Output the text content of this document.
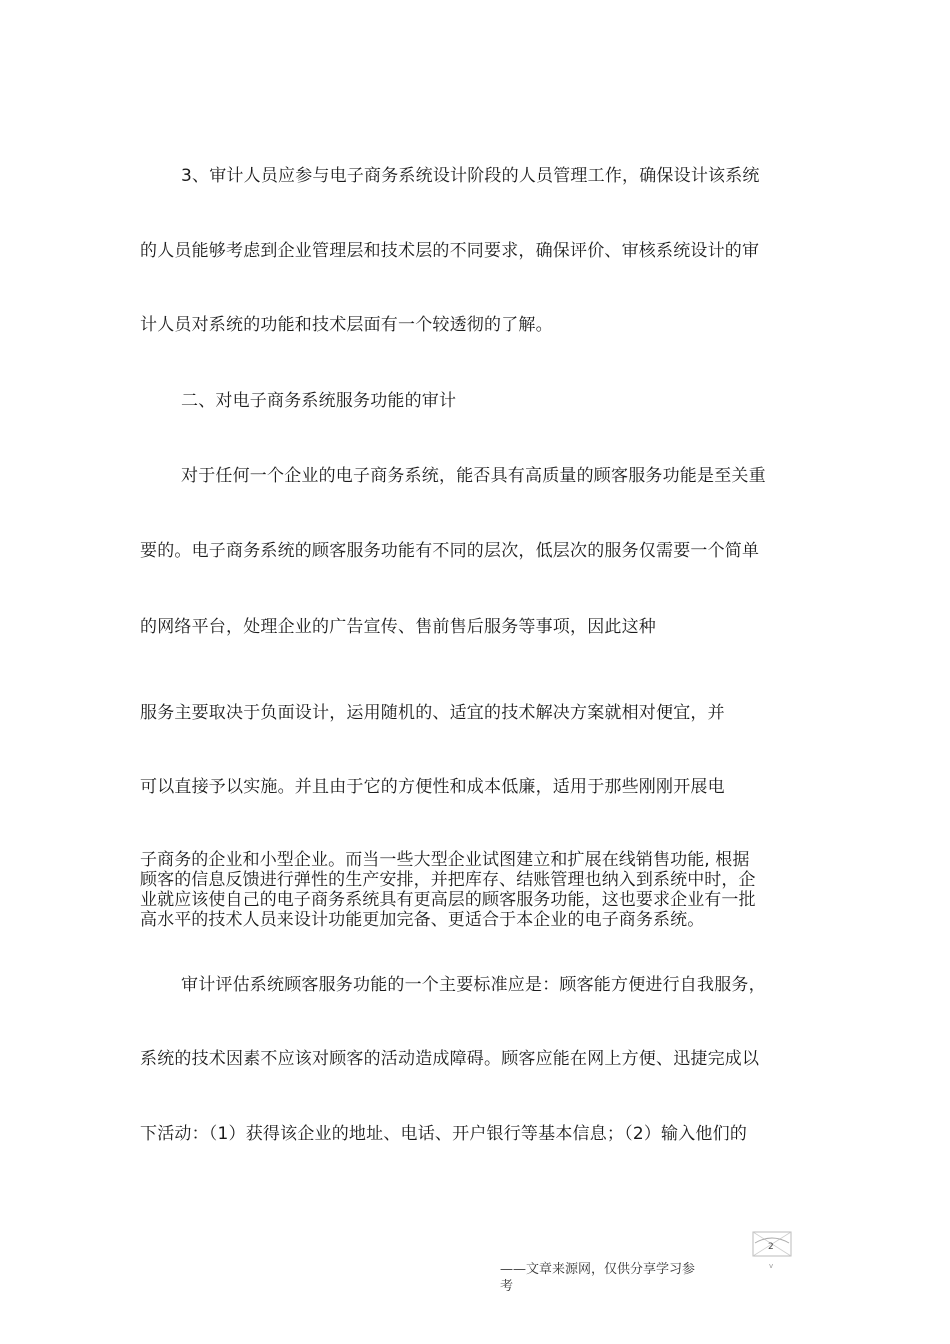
3、审计人员应参与电子商务系统设计阶段的人员管理工作，确保设计该系统
的人员能够考虑到企业管理层和技术层的不同要求，确保评价、审核系统设计的审
计人员对系统的功能和技术层面有一个较透彻的了解。
二、对电子商务系统服务功能的审计
对于任何一个企业的电子商务系统，能否具有高质量的顾客服务功能是至关重
要的。电子商务系统的顾客服务功能有不同的层次，低层次的服务仅需要一个简单
的网络平台，处理企业的广告宣传、售前售后服务等事项，因此这种
服务主要取决于负面设计，运用随机的、适宜的技术解决方案就相对便宜，并
可以直接予以实施。并且由于它的方便性和成本低廉，适用于那些刚刚开展电
子商务的企业和小型企业。而当一些大型企业试图建立和扩展在线销售功能, 根据
顾客的信息反馈进行弹性的生产安排，并把库存、结账管理也纳入到系统中时，企
业就应该使自己的电子商务系统具有更高层的顾客服务功能，这也要求企业有一批
高水平的技术人员来设计功能更加完备、更适合于本企业的电子商务系统。
审计评估系统顾客服务功能的一个主要标准应是：顾客能方便进行自我服务，
系统的技术因素不应该对顾客的活动造成障碍。顾客应能在网上方便、迅捷完成以
下活动：（1）获得该企业的地址、电话、开户银行等基本信息；（2）输入他们的
2
v
——文章来源网，仅供分享学习参
考
